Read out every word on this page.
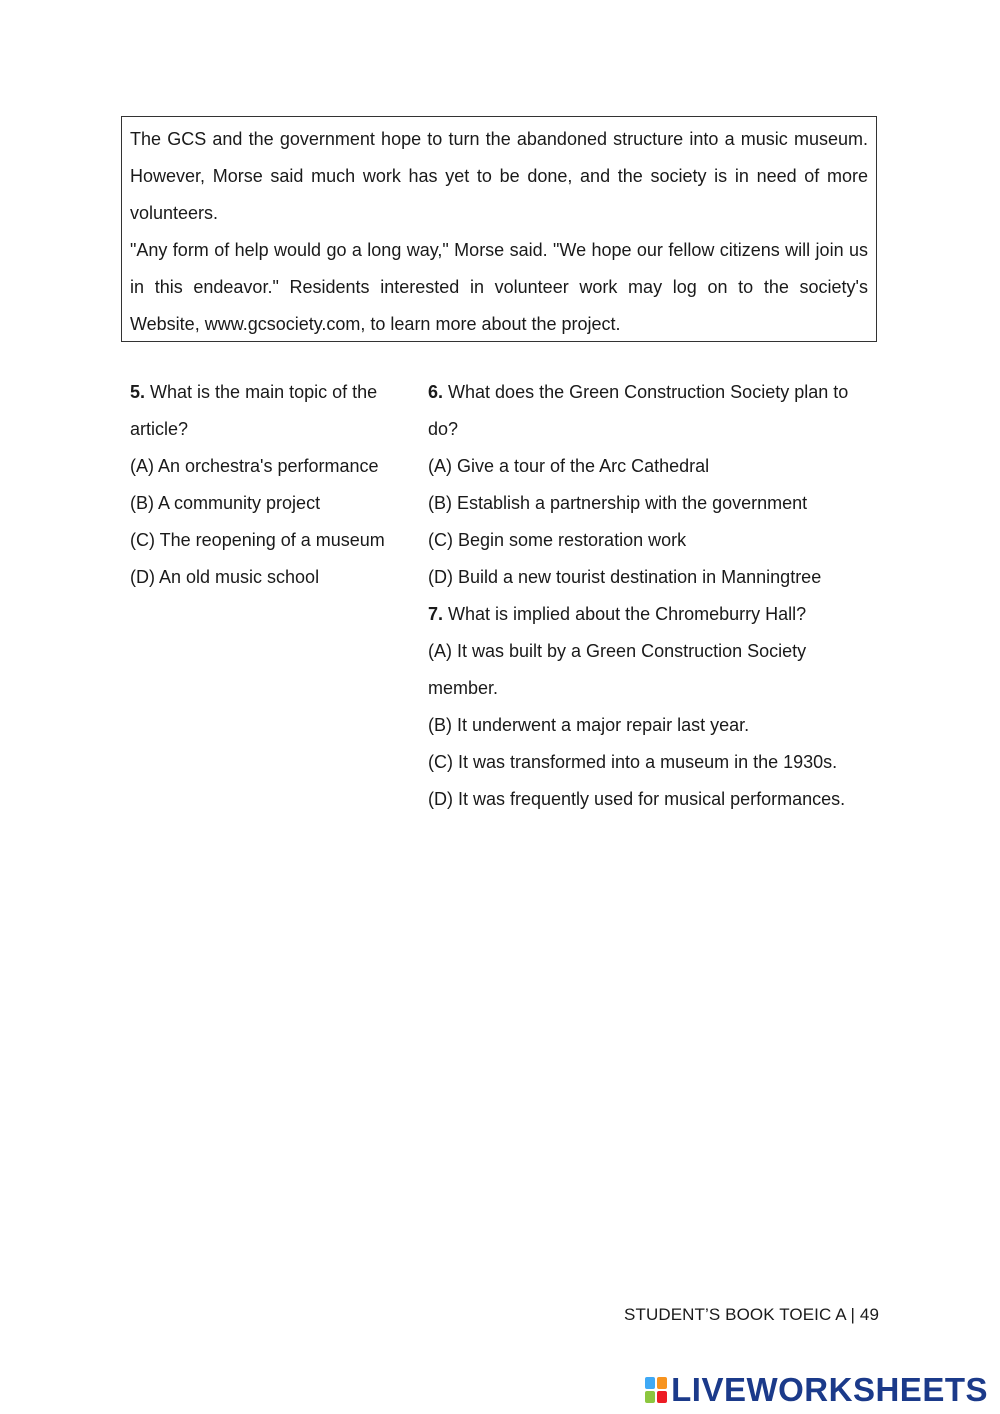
The GCS and the government hope to turn the abandoned structure into a music museum. However, Morse said much work has yet to be done, and the society is in need of more volunteers.

"Any form of help would go a long way," Morse said. "We hope our fellow citizens will join us in this endeavor." Residents interested in volunteer work may log on to the society's Website, www.gcsociety.com, to learn more about the project.

5. What is the main topic of the article?

(A) An orchestra's performance

(B) A community project

(C) The reopening of a museum

(D) An old music school

6. What does the Green Construction Society plan to do?

(A) Give a tour of the Arc Cathedral

(B) Establish a partnership with the government

(C) Begin some restoration work

(D) Build a new tourist destination in Manningtree

7. What is implied about the Chromeburry Hall?

(A) It was built by a Green Construction Society member.

(B) It underwent a major repair last year.

(C) It was transformed into a museum in the 1930s.

(D) It was frequently used for musical performances.

STUDENT’S BOOK TOEIC A | 49
LIVEWORKSHEETS
